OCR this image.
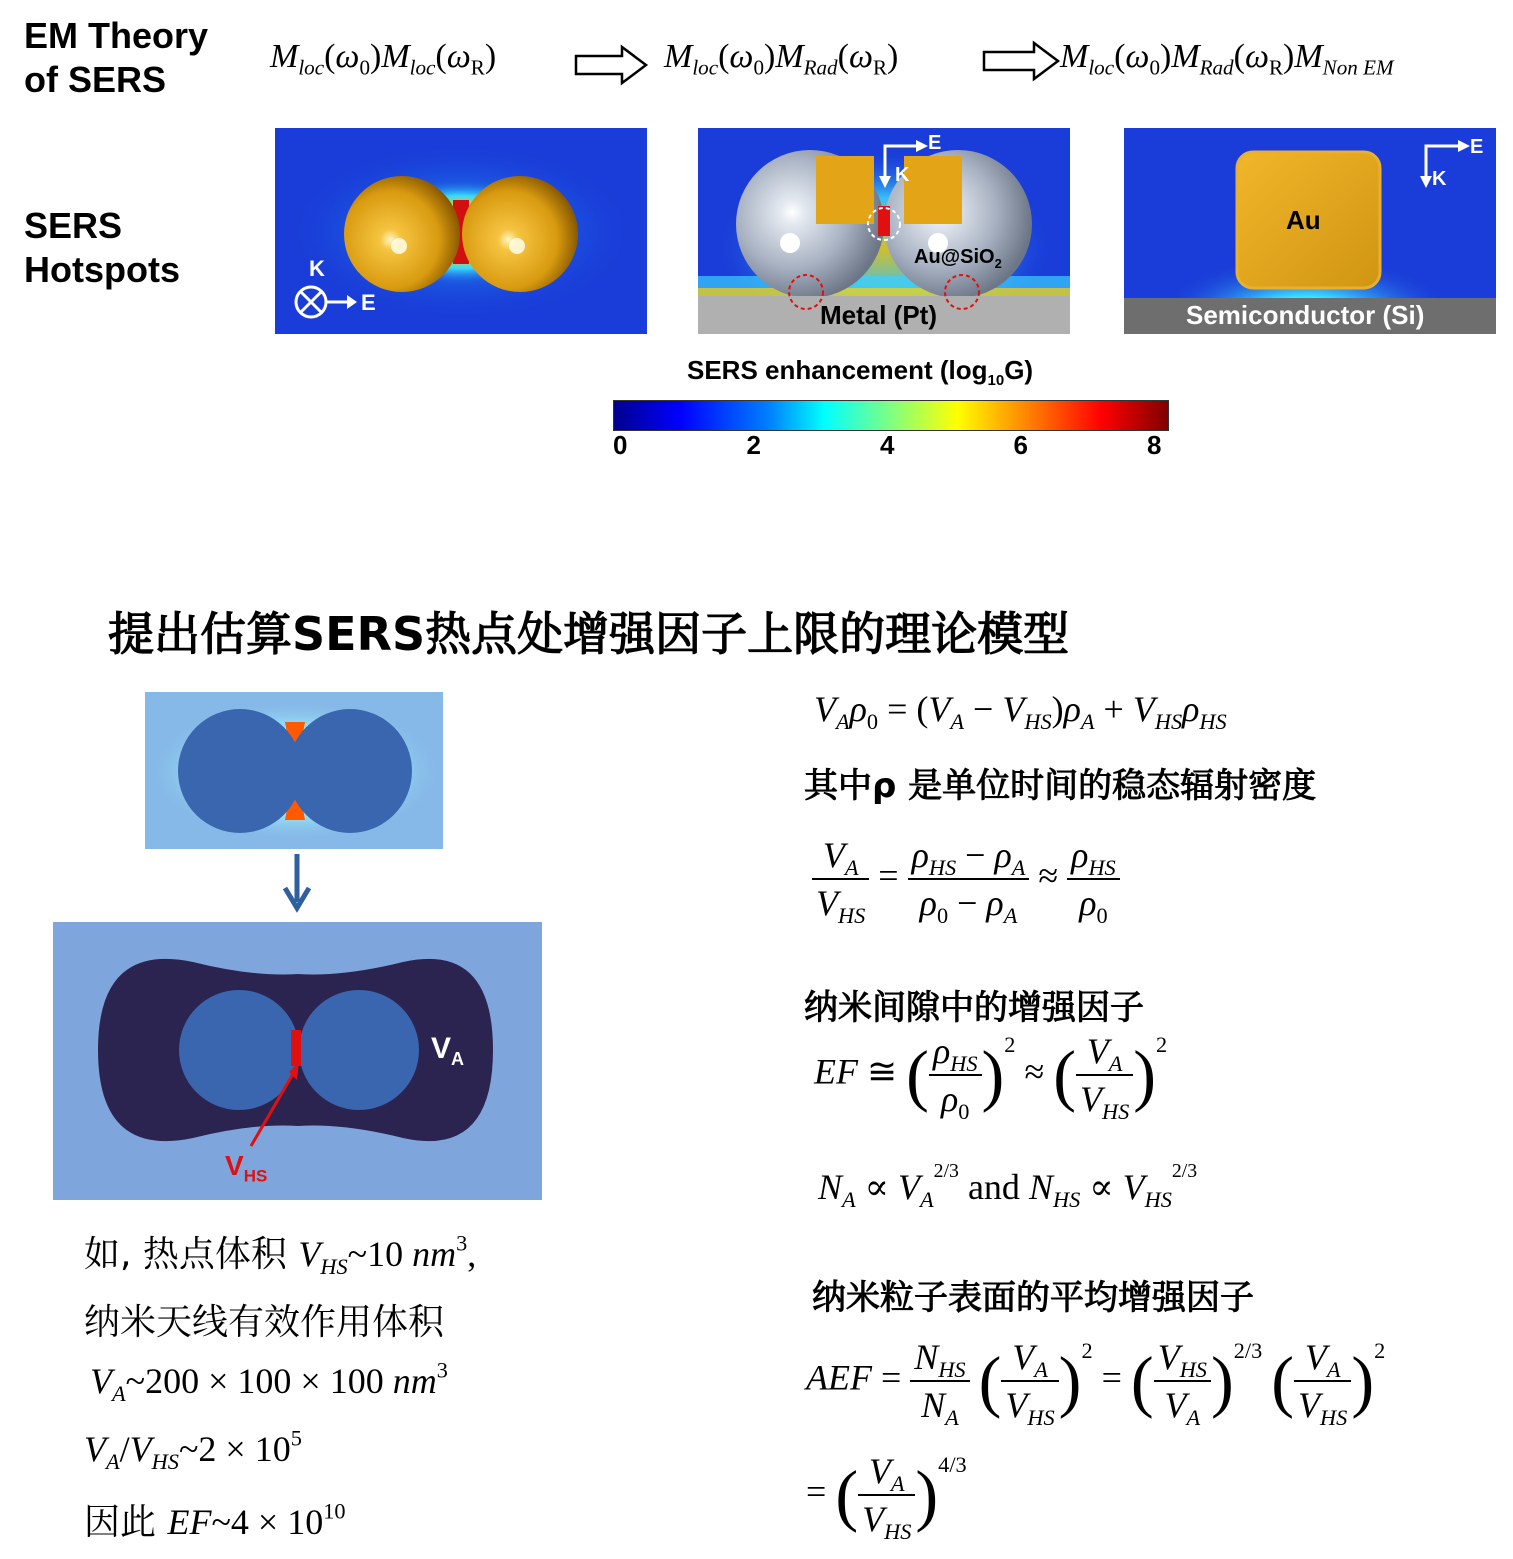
EM Theory
of SERS
SERS
Hotspots
$M_{loc}(\omega_0)M_{loc}(\omega_R)$	$M_{loc}(\omega_0)M_{Rad}(\omega_R)$	$M_{loc}(\omega_0)M_{Rad}(\omega_R)M_{Non EM}$
K
E
E
K
Au@SiO$_2$
Metal (Pt)
E
K
Au
Semiconductor (Si)
SERS enhancement $(\log_{10}G)$
0	2	4	6	8
提出估算SERS热点处增强因子上限的理论模型
$V_A$
$V_{HS}$
如, 热点体积 $V_{HS}\sim 10$ $nm^3$,
纳米天线有效作用体积
$V_A\sim 200 \times 100 \times 100$ $nm^3$
$V_A/V_{HS}\sim 2 \times 10^5$
因此 EF~4 × $10^{10}$
$V_A\rho_0 = (V_A - V_{HS})\rho_A + V_{HS}\rho_{HS}$
其中ρ 是单位时间的稳态辐射密度
$\frac{V_A}{V_{HS}} = \frac{\rho_{HS} - \rho_A}{\rho_0 - \rho_A} \approx \frac{\rho_{HS}}{\rho_0}$
纳米间隙中的增强因子
EF ≅ ( $\frac{\rho_{HS}}{\rho_0} )^2$ ≈ ( $\frac{V_A}{V_{HS}} )^2$
$N_A \propto V_A^{2/3}$ and $N_{HS} \propto V_{HS}^{2/3}$
纳米粒子表面的平均增强因子
AEF = $\frac{N_{HS}}{N_A}$ ( $\frac{V_A}{V_{HS}} )^2$ = ( $\frac{V_{HS}}{V_A} )^{2/3}$ ( $\frac{V_A}{V_{HS}} )^2$
= ( $\frac{V_A}{V_{HS}} )^{4/3}$
